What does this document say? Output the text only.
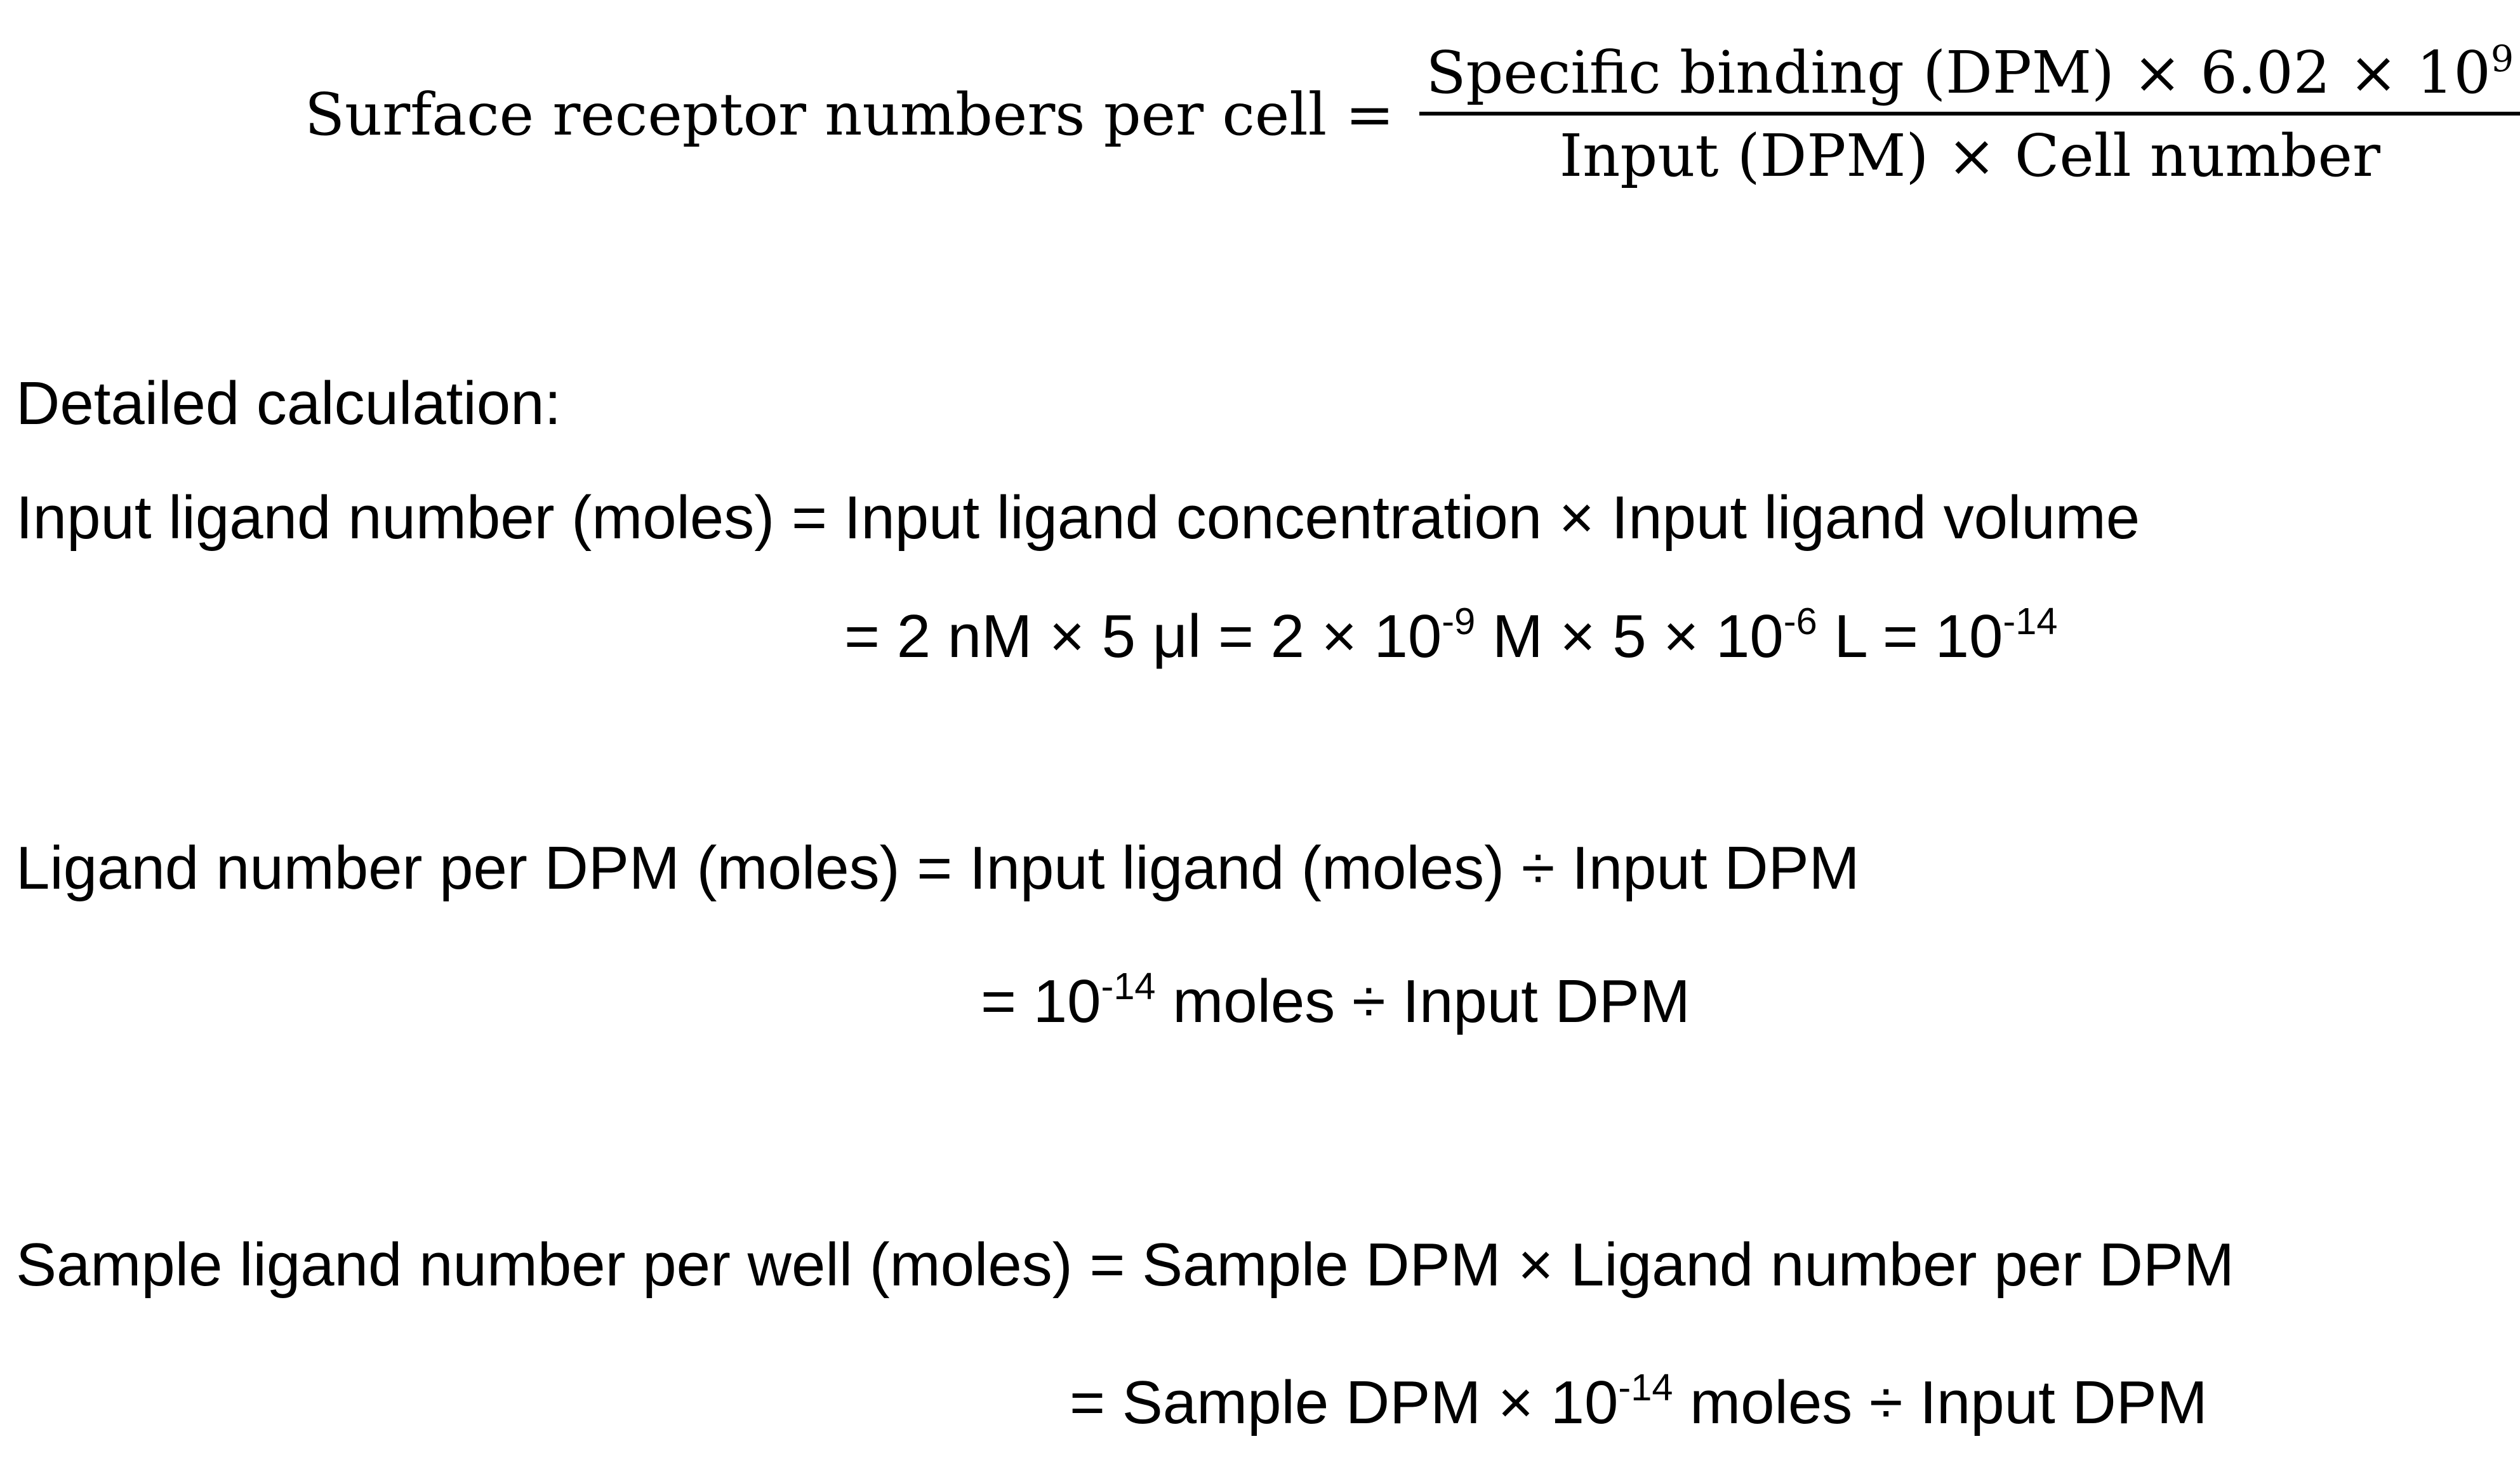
Surface receptor numbers per cell =
Specific binding $(DPM) \times 6.02 \times 10^9$
Input (DPM) × Cell number
Detailed calculation:
Input ligand number (moles) = Input ligand concentration × Input ligand volume
= 2 nM × 5 $\mu l = 2 \times 10^{-9}$ $M \times 5 \times 10^{-6}$ $L = 10^{-14}$
Ligand number per DPM (moles) = Input ligand (moles) ÷ Input DPM
= $10^{-14}$ moles ÷ Input DPM
Sample ligand number per well (moles) = Sample DPM × Ligand number per DPM
= Sample DPM × $10^{-14}$ moles ÷ Input DPM
